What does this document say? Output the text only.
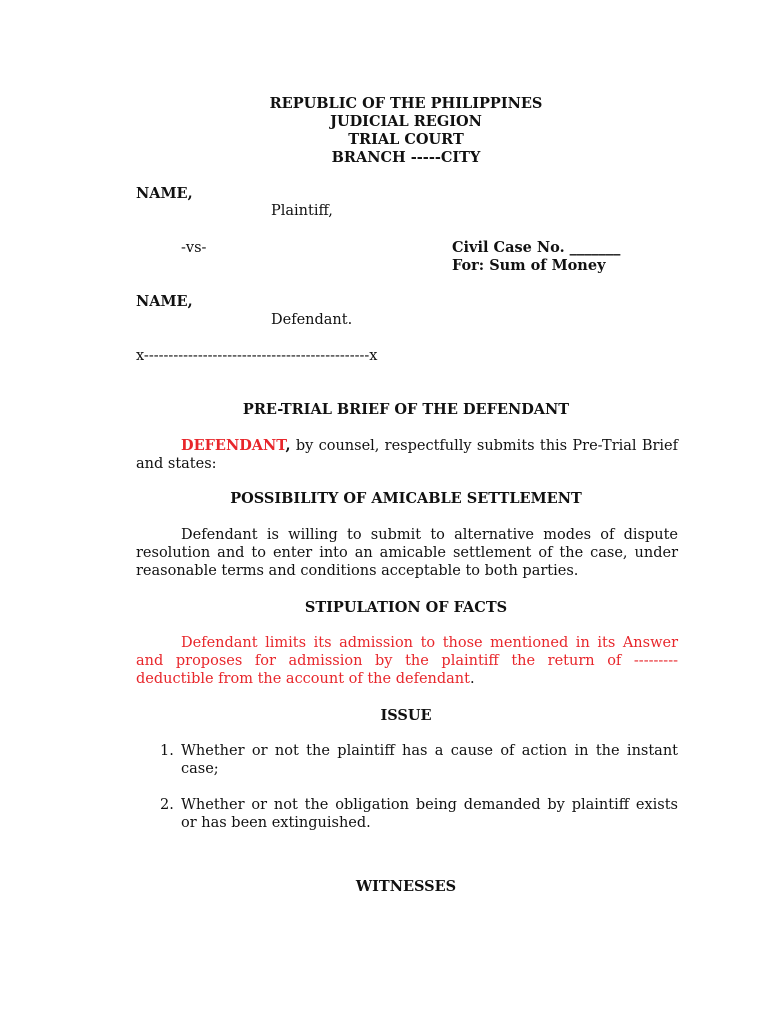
REPUBLIC OF THE PHILIPPINES
JUDICIAL REGION
TRIAL COURT
BRANCH -----CITY
NAME,
Plaintiff,
-vs-	Civil Case No. _______
For: Sum of Money
NAME,
Defendant.
x----------------------------------------------x
PRE-TRIAL BRIEF OF THE DEFENDANT
DEFENDANT, by counsel, respectfully submits this Pre-Trial Brief and states:
POSSIBILITY OF AMICABLE SETTLEMENT
Defendant is willing to submit to alternative modes of dispute resolution and to enter into an amicable settlement of the case, under reasonable terms and conditions acceptable to both parties.
STIPULATION OF FACTS
Defendant limits its admission to those mentioned in its Answer and proposes for admission by the plaintiff the return of --------- deductible from the account of the defendant.
ISSUE
1. Whether or not the plaintiff has a cause of action in the instant case;
2. Whether or not the obligation being demanded by plaintiff exists or has been extinguished.
WITNESSES
